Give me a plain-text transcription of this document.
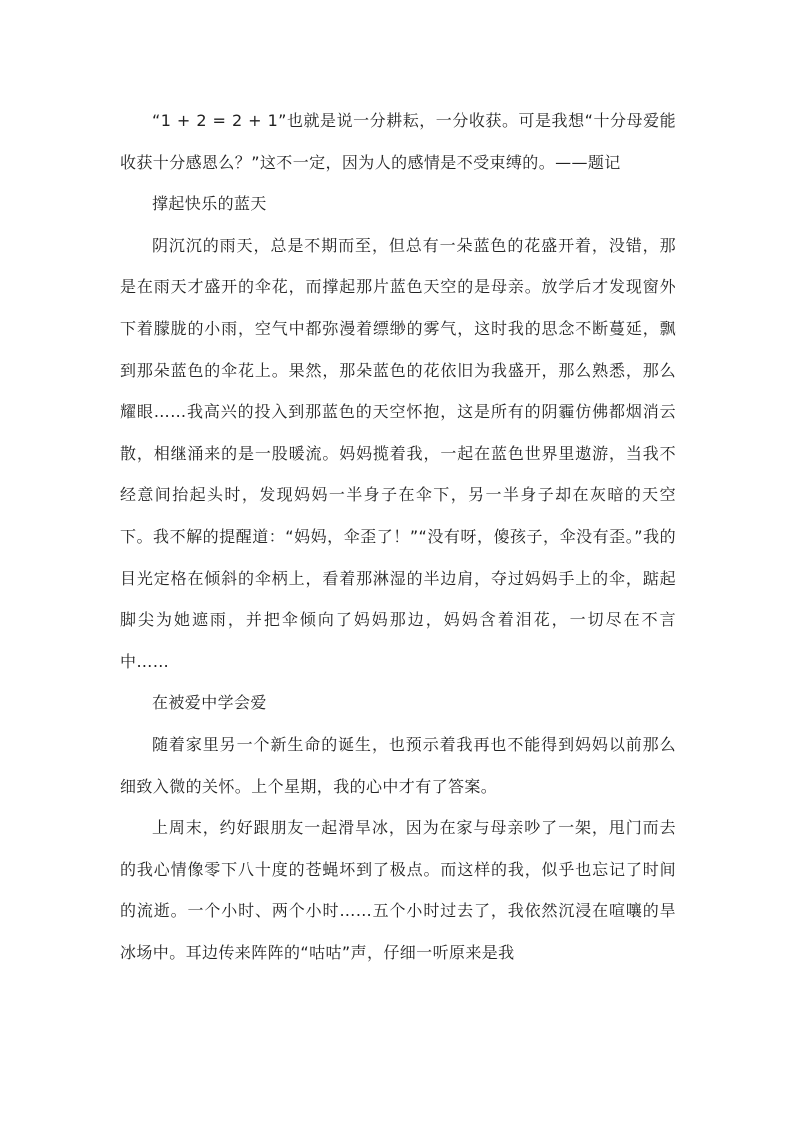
“1 + 2 = 2 + 1”也就是说一分耕耘，一分收获。可是我想“十分母爱能收获十分感恩么？”这不一定，因为人的感情是不受束缚的。——题记

撑起快乐的蓝天

阴沉沉的雨天，总是不期而至，但总有一朵蓝色的花盛开着，没错，那是在雨天才盛开的伞花，而撑起那片蓝色天空的是母亲。放学后才发现窗外下着朦胧的小雨，空气中都弥漫着缥缈的雾气，这时我的思念不断蔓延，飘到那朵蓝色的伞花上。果然，那朵蓝色的花依旧为我盛开，那么熟悉，那么耀眼……我高兴的投入到那蓝色的天空怀抱，这是所有的阴霾仿佛都烟消云散，相继涌来的是一股暖流。妈妈揽着我，一起在蓝色世界里遨游，当我不经意间抬起头时，发现妈妈一半身子在伞下，另一半身子却在灰暗的天空下。我不解的提醒道：“妈妈，伞歪了！”“没有呀，傻孩子，伞没有歪。”我的目光定格在倾斜的伞柄上，看着那淋湿的半边肩，夺过妈妈手上的伞，踮起脚尖为她遮雨，并把伞倾向了妈妈那边，妈妈含着泪花，一切尽在不言中……

在被爱中学会爱

随着家里另一个新生命的诞生，也预示着我再也不能得到妈妈以前那么细致入微的关怀。上个星期，我的心中才有了答案。

上周末，约好跟朋友一起滑旱冰，因为在家与母亲吵了一架，甩门而去的我心情像零下八十度的苍蝇坏到了极点。而这样的我，似乎也忘记了时间的流逝。一个小时、两个小时……五个小时过去了，我依然沉浸在喧嚷的旱冰场中。耳边传来阵阵的“咕咕”声，仔细一听原来是我
